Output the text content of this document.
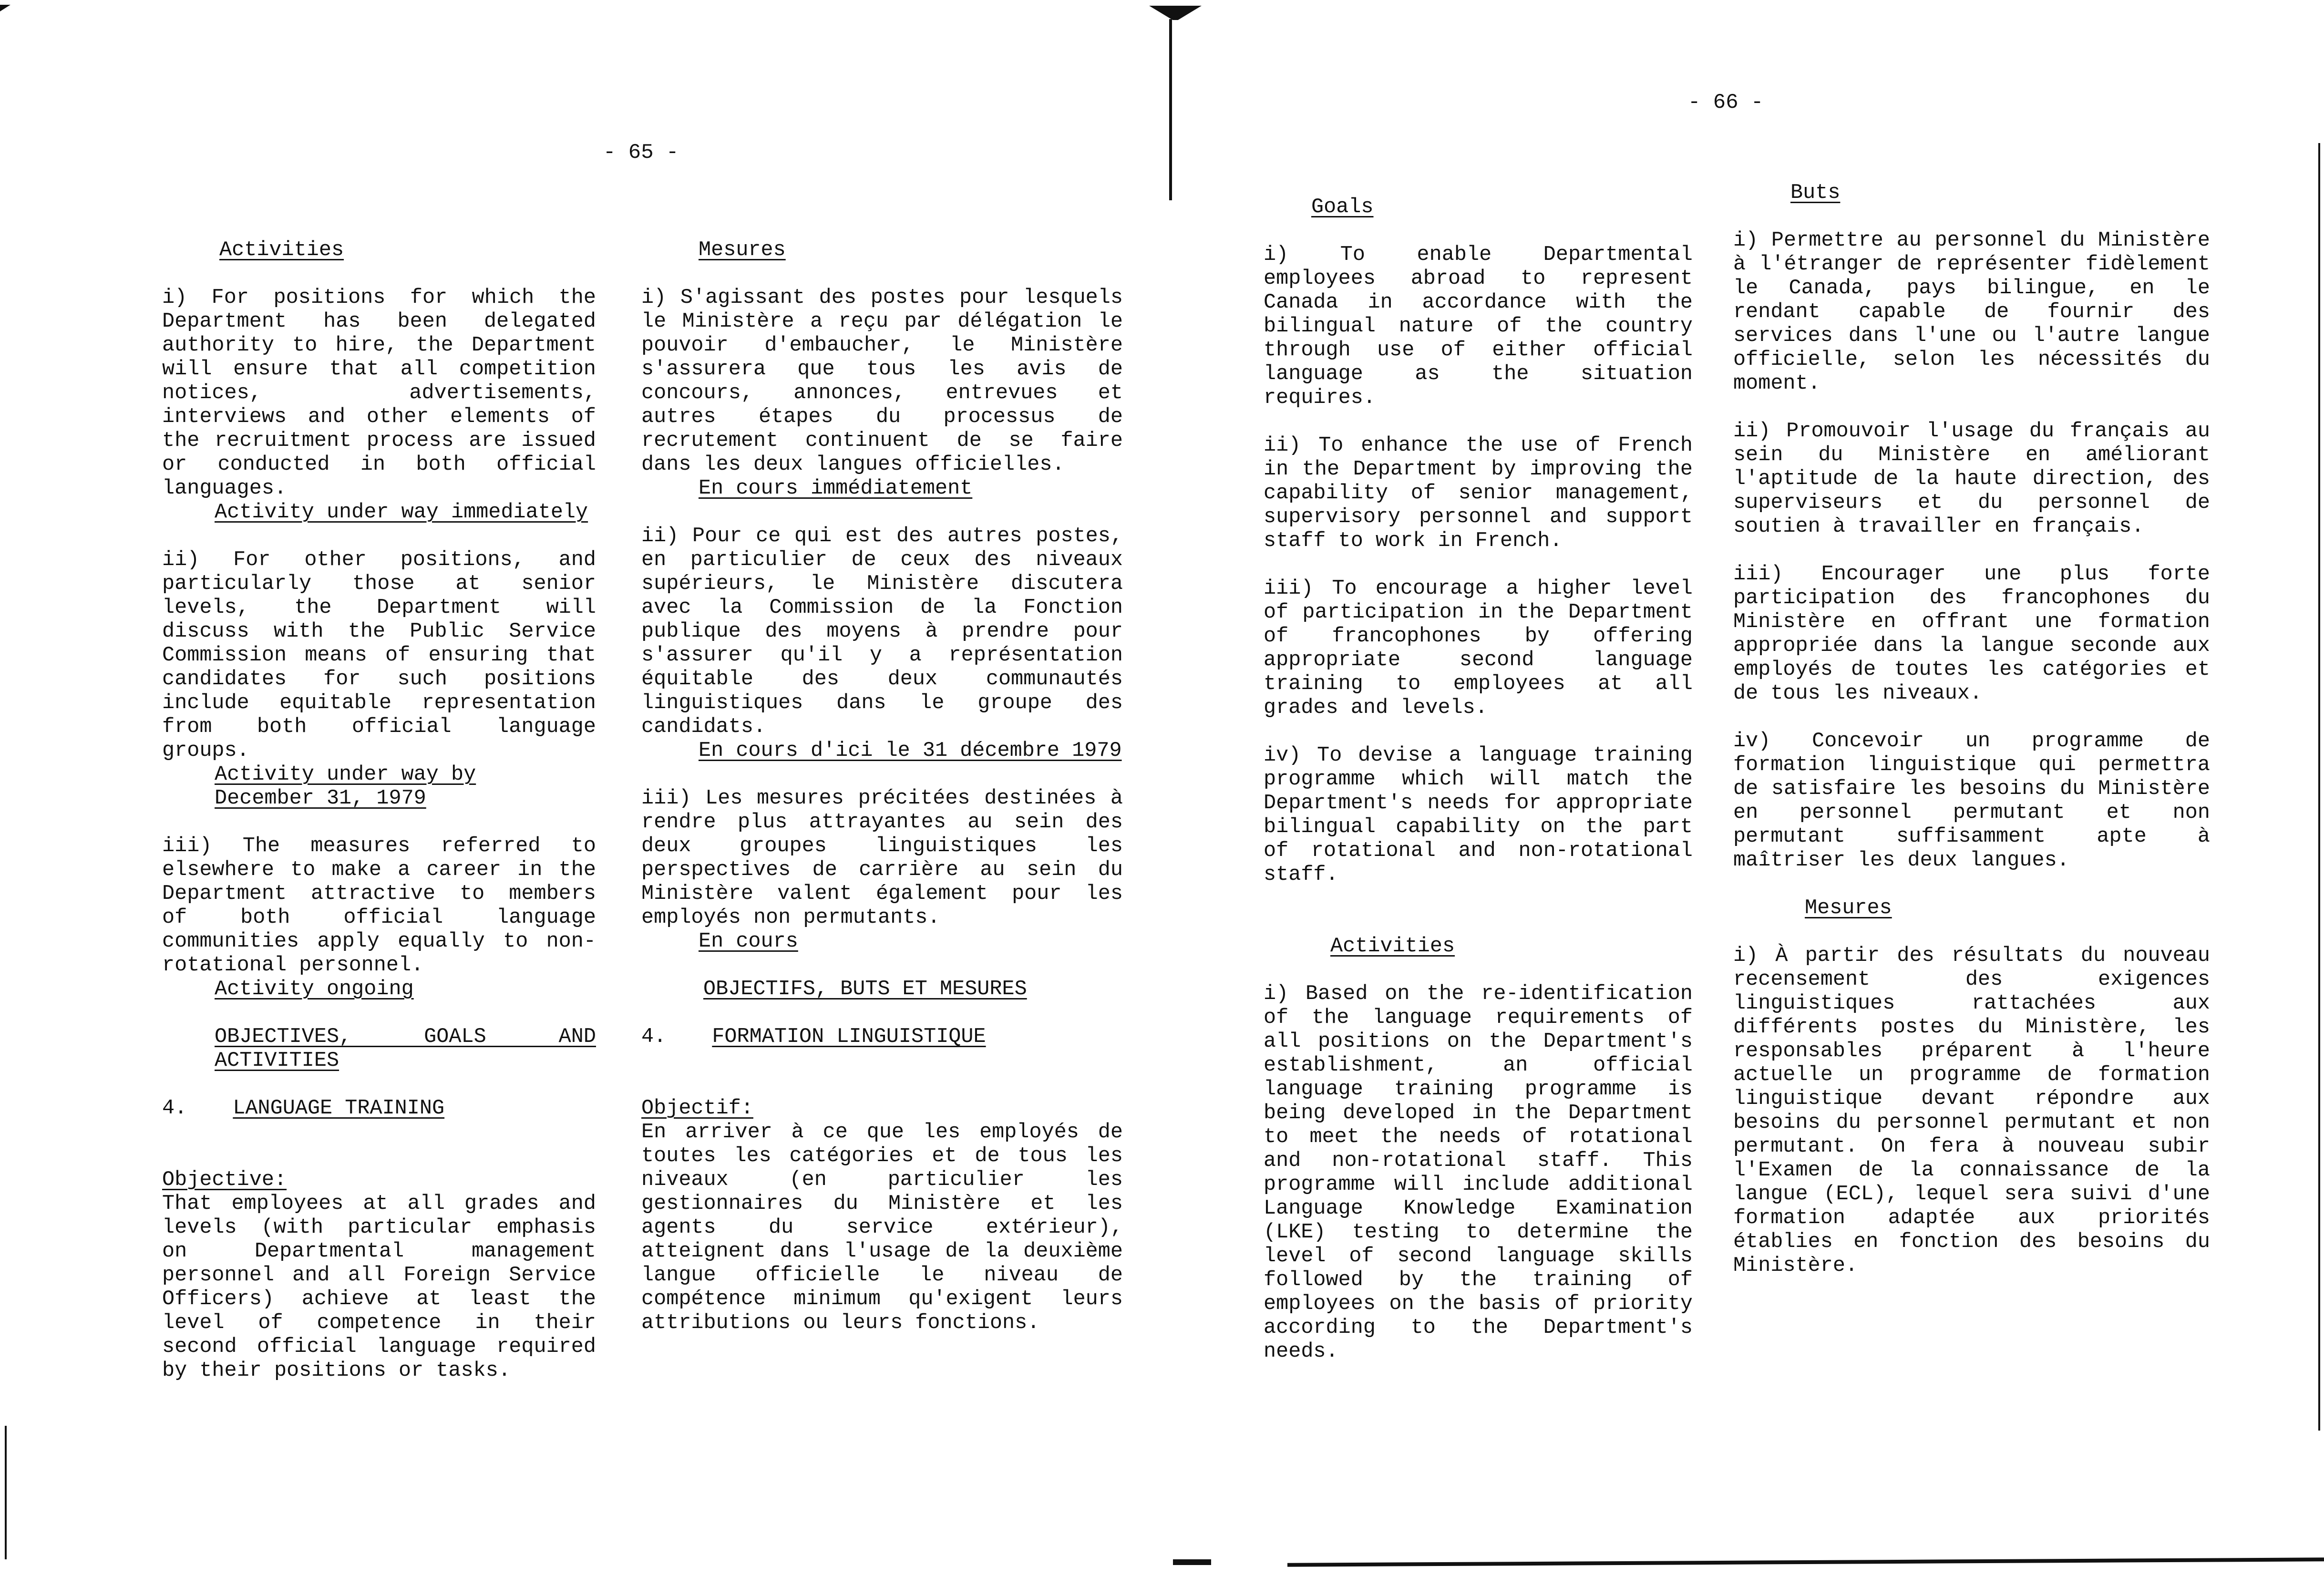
- 65 -

Activities

i) For positions for which the Department has been delegated authority to hire, the Department will ensure that all competition notices, advertisements, interviews and other elements of the recruitment process are issued or conducted in both official languages.

Activity under way immediately

ii) For other positions, and particularly those at senior levels, the Department will discuss with the Public Service Commission means of ensuring that candidates for such positions include equitable representation from both official language groups.

Activity under way by December 31, 1979

iii) The measures referred to elsewhere to make a career in the Department attractive to members of both official language communities apply equally to non-rotational personnel.

Activity ongoing
OBJECTIVES, GOALS AND ACTIVITIES
4. LANGUAGE TRAINING

Objective:
That employees at all grades and levels (with particular emphasis on Departmental management personnel and all Foreign Service Officers) achieve at least the level of competence in their second official language required by their positions or tasks.

Mesures

i) S'agissant des postes pour lesquels le Ministère a reçu par délégation le pouvoir d'embaucher, le Ministère s'assurera que tous les avis de concours, annonces, entrevues et autres étapes du processus de recrutement continuent de se faire dans les deux langues officielles.

En cours immédiatement

ii) Pour ce qui est des autres postes, en particulier de ceux des niveaux supérieurs, le Ministère discutera avec la Commission de la Fonction publique des moyens à prendre pour s'assurer qu'il y a représentation équitable des deux communautés linguistiques dans le groupe des candidats.

En cours d'ici le 31 décembre 1979

iii) Les mesures précitées destinées à rendre plus attrayantes au sein des deux groupes linguistiques les perspectives de carrière au sein du Ministère valent également pour les employés non permutants.

En cours
OBJECTIFS, BUTS ET MESURES
4. FORMATION LINGUISTIQUE

Objectif:
En arriver à ce que les employés de toutes les catégories et de tous les niveaux (en particulier les gestionnaires du Ministère et les agents du service extérieur), atteignent dans l'usage de la deuxième langue officielle le niveau de compétence minimum qu'exigent leurs attributions ou leurs fonctions.

- 66 -

Goals

i) To enable Departmental employees abroad to represent Canada in accordance with the bilingual nature of the country through use of either official language as the situation requires.

ii) To enhance the use of French in the Department by improving the capability of senior management, supervisory personnel and support staff to work in French.

iii) To encourage a higher level of participation in the Department of francophones by offering appropriate second language training to employees at all grades and levels.

iv) To devise a language training programme which will match the Department's needs for appropriate bilingual capability on the part of rotational and non-rotational staff.

Activities

i) Based on the re-identification of the language requirements of all positions on the Department's establishment, an official language training programme is being developed in the Department to meet the needs of rotational and non-rotational staff. This programme will include additional Language Knowledge Examination (LKE) testing to determine the level of second language skills followed by the training of employees on the basis of priority according to the Department's needs.

Buts

i) Permettre au personnel du Ministère à l'étranger de représenter fidèlement le Canada, pays bilingue, en le rendant capable de fournir des services dans l'une ou l'autre langue officielle, selon les nécessités du moment.

ii) Promouvoir l'usage du français au sein du Ministère en améliorant l'aptitude de la haute direction, des superviseurs et du personnel de soutien à travailler en français.

iii) Encourager une plus forte participation des francophones du Ministère en offrant une formation appropriée dans la langue seconde aux employés de toutes les catégories et de tous les niveaux.

iv) Concevoir un programme de formation linguistique qui permettra de satisfaire les besoins du Ministère en personnel permutant et non permutant suffisamment apte à maîtriser les deux langues.

Mesures

i) À partir des résultats du nouveau recensement des exigences linguistiques rattachées aux différents postes du Ministère, les responsables préparent à l'heure actuelle un programme de formation linguistique devant répondre aux besoins du personnel permutant et non permutant. On fera à nouveau subir l'Examen de la connaissance de la langue (ECL), lequel sera suivi d'une formation adaptée aux priorités établies en fonction des besoins du Ministère.
